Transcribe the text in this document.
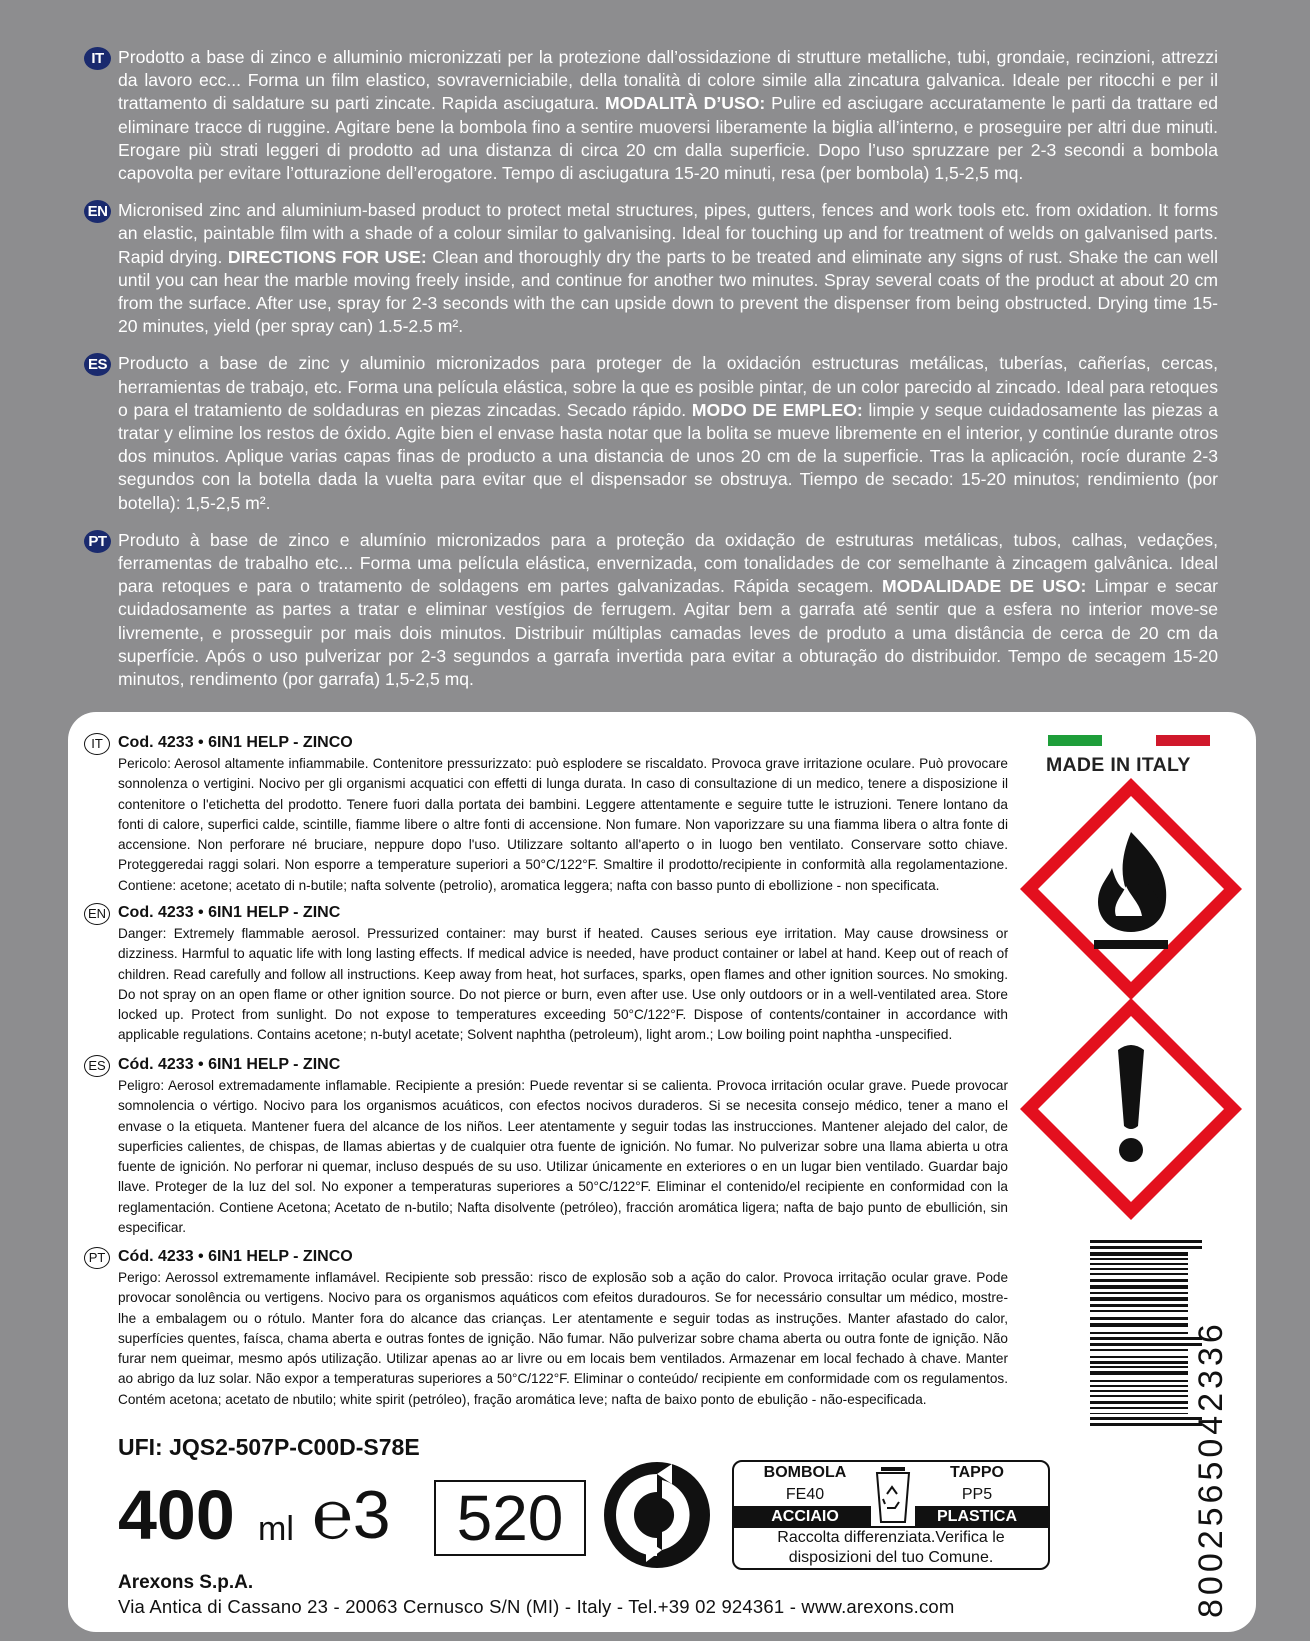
IT Prodotto a base di zinco e alluminio micronizzati per la protezione dall’ossidazione di strutture metalliche, tubi, grondaie, recinzioni, attrezzi da lavoro ecc... Forma un film elastico, sovraverniciabile, della tonalità di colore simile alla zincatura galvanica. Ideale per ritocchi e per il trattamento di saldature su parti zincate. Rapida asciugatura. MODALITÀ D’USO: Pulire ed asciugare accuratamente le parti da trattare ed eliminare tracce di ruggine. Agitare bene la bombola fino a sentire muoversi liberamente la biglia all’interno, e proseguire per altri due minuti. Erogare più strati leggeri di prodotto ad una distanza di circa 20 cm dalla superficie. Dopo l’uso spruzzare per 2-3 secondi a bombola capovolta per evitare l’otturazione dell’erogatore. Tempo di asciugatura 15-20 minuti, resa (per bombola) 1,5-2,5 mq.
EN Micronised zinc and aluminium-based product to protect metal structures, pipes, gutters, fences and work tools etc. from oxidation. It forms an elastic, paintable film with a shade of a colour similar to galvanising. Ideal for touching up and for treatment of welds on galvanised parts. Rapid drying. DIRECTIONS FOR USE: Clean and thoroughly dry the parts to be treated and eliminate any signs of rust. Shake the can well until you can hear the marble moving freely inside, and continue for another two minutes. Spray several coats of the product at about 20 cm from the surface. After use, spray for 2-3 seconds with the can upside down to prevent the dispenser from being obstructed. Drying time 15-20 minutes, yield (per spray can) 1.5-2.5 m².
ES Producto a base de zinc y aluminio micronizados para proteger de la oxidación estructuras metálicas, tuberías, cañerías, cercas, herramientas de trabajo, etc. Forma una película elástica, sobre la que es posible pintar, de un color parecido al zincado. Ideal para retoques o para el tratamiento de soldaduras en piezas zincadas. Secado rápido. MODO DE EMPLEO: limpie y seque cuidadosamente las piezas a tratar y elimine los restos de óxido. Agite bien el envase hasta notar que la bolita se mueve libremente en el interior, y continúe durante otros dos minutos. Aplique varias capas finas de producto a una distancia de unos 20 cm de la superficie. Tras la aplicación, rocíe durante 2-3 segundos con la botella dada la vuelta para evitar que el dispensador se obstruya. Tiempo de secado: 15-20 minutos; rendimiento (por botella): 1,5-2,5 m².
PT Produto à base de zinco e alumínio micronizados para a proteção da oxidação de estruturas metálicas, tubos, calhas, vedações, ferramentas de trabalho etc... Forma uma película elástica, envernizada, com tonalidades de cor semelhante à zincagem galvânica. Ideal para retoques e para o tratamento de soldagens em partes galvanizadas. Rápida secagem. MODALIDADE DE USO: Limpar e secar cuidadosamente as partes a tratar e eliminar vestígios de ferrugem. Agitar bem a garrafa até sentir que a esfera no interior move-se livremente, e prosseguir por mais dois minutos. Distribuir múltiplas camadas leves de produto a uma distância de cerca de 20 cm da superfície. Após o uso pulverizar por 2-3 segundos a garrafa invertida para evitar a obturação do distribuidor. Tempo de secagem 15-20 minutos, rendimento (por garrafa) 1,5-2,5 mq.
IT Cod. 4233 • 6IN1 HELP - ZINCO
Pericolo: Aerosol altamente infiammabile. Contenitore pressurizzato: può esplodere se riscaldato. Provoca grave irritazione oculare. Può provocare sonnolenza o vertigini. Nocivo per gli organismi acquatici con effetti di lunga durata. In caso di consultazione di un medico, tenere a disposizione il contenitore o l'etichetta del prodotto. Tenere fuori dalla portata dei bambini. Leggere attentamente e seguire tutte le istruzioni. Tenere lontano da fonti di calore, superfici calde, scintille, fiamme libere o altre fonti di accensione. Non fumare. Non vaporizzare su una fiamma libera o altra fonte di accensione. Non perforare né bruciare, neppure dopo l'uso. Utilizzare soltanto all'aperto o in luogo ben ventilato. Conservare sotto chiave. Proteggeredai raggi solari. Non esporre a temperature superiori a 50°C/122°F. Smaltire il prodotto/recipiente in conformità alla regolamentazione. Contiene: acetone; acetato di n-butile; nafta solvente (petrolio), aromatica leggera; nafta con basso punto di ebollizione - non specificata.
EN Cod. 4233 • 6IN1 HELP - ZINC
Danger: Extremely flammable aerosol. Pressurized container: may burst if heated. Causes serious eye irritation. May cause drowsiness or dizziness. Harmful to aquatic life with long lasting effects. If medical advice is needed, have product container or label at hand. Keep out of reach of children. Read carefully and follow all instructions. Keep away from heat, hot surfaces, sparks, open flames and other ignition sources. No smoking. Do not spray on an open flame or other ignition source. Do not pierce or burn, even after use. Use only outdoors or in a well-ventilated area. Store locked up. Protect from sunlight. Do not expose to temperatures exceeding 50°C/122°F. Dispose of contents/container in accordance with applicable regulations. Contains acetone; n-butyl acetate; Solvent naphtha (petroleum), light arom.; Low boiling point naphtha -unspecified.
ES Cód. 4233 • 6IN1 HELP - ZINC
Peligro: Aerosol extremadamente inflamable. Recipiente a presión: Puede reventar si se calienta. Provoca irritación ocular grave. Puede provocar somnolencia o vértigo. Nocivo para los organismos acuáticos, con efectos nocivos duraderos. Si se necesita consejo médico, tener a mano el envase o la etiqueta. Mantener fuera del alcance de los niños. Leer atentamente y seguir todas las instrucciones. Mantener alejado del calor, de superficies calientes, de chispas, de llamas abiertas y de cualquier otra fuente de ignición. No fumar. No pulverizar sobre una llama abierta u otra fuente de ignición. No perforar ni quemar, incluso después de su uso. Utilizar únicamente en exteriores o en un lugar bien ventilado. Guardar bajo llave. Proteger de la luz del sol. No exponer a temperaturas superiores a 50°C/122°F. Eliminar el contenido/el recipiente en conformidad con la reglamentación. Contiene Acetona; Acetato de n-butilo; Nafta disolvente (petróleo), fracción aromática ligera; nafta de bajo punto de ebullición, sin especificar.
PT Cód. 4233 • 6IN1 HELP - ZINCO
Perigo: Aerossol extremamente inflamável. Recipiente sob pressão: risco de explosão sob a ação do calor. Provoca irritação ocular grave. Pode provocar sonolência ou vertigens. Nocivo para os organismos aquáticos com efeitos duradouros. Se for necessário consultar um médico, mostre-lhe a embalagem ou o rótulo. Manter fora do alcance das crianças. Ler atentamente e seguir todas as instruções. Manter afastado do calor, superfícies quentes, faísca, chama aberta e outras fontes de ignição. Não fumar. Não pulverizar sobre chama aberta ou outra fonte de ignição. Não furar nem queimar, mesmo após utilização. Utilizar apenas ao ar livre ou em locais bem ventilados. Armazenar em local fechado à chave. Manter ao abrigo da luz solar. Não expor a temperaturas superiores a 50°C/122°F. Eliminar o conteúdo/ recipiente em conformidade com os regulamentos. Contém acetona; acetato de nbutilo; white spirit (petróleo), fração aromática leve; nafta de baixo ponto de ebulição - não-especificada.
UFI: JQS2-507P-C00D-S78E
400 ml ℮3	520
BOMBOLA	TAPPO
FE40	PP5
ACCIAIO	PLASTICA
Raccolta differenziata.Verifica le
disposizioni del tuo Comune.
Arexons S.p.A.
Via Antica di Cassano 23 - 20063 Cernusco S/N (MI) - Italy - Tel.+39 02 924361 - www.arexons.com
MADE IN ITALY
8002565042336
